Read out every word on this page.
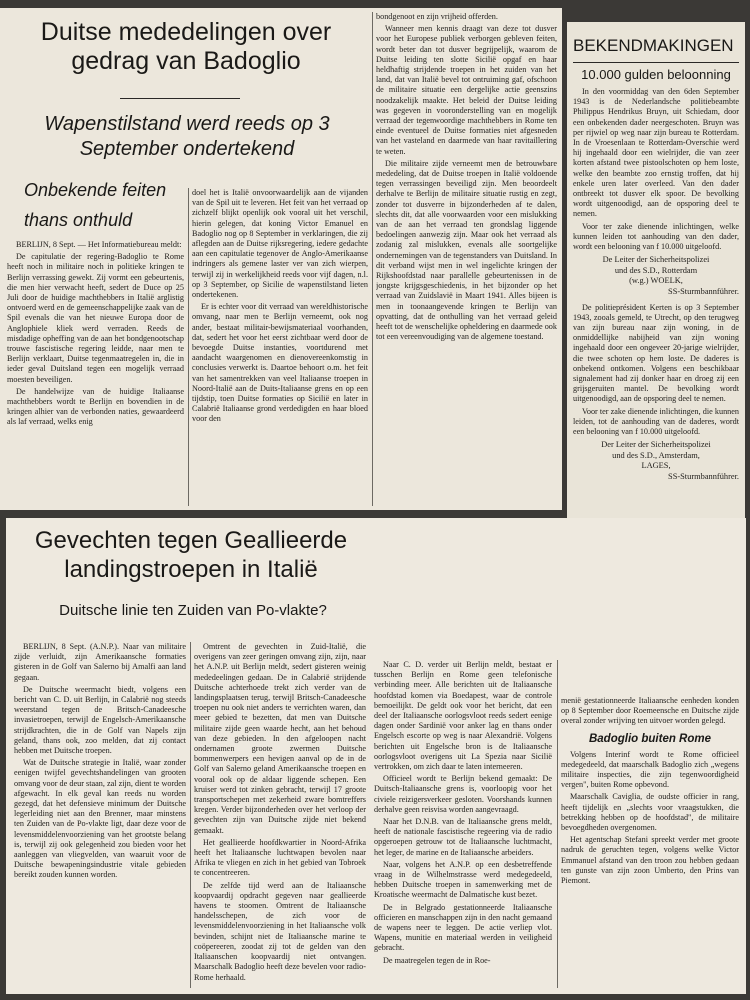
Duitse mededelingen over gedrag van Badoglio
Wapenstilstand werd reeds op 3 September ondertekend
Onbekende feiten
thans onthuld

BERLIJN, 8 Sept. — Het Informatiebureau meldt:

De capitulatie der regering-Badoglio te Rome heeft noch in militaire noch in politieke kringen te Berlijn verrassing gewekt. Zij vormt een gebeurtenis, die men hier verwacht heeft, sedert de Duce op 25 Juli door de huidige machthebbers in Italië arglistig ontvoerd werd en de gemeenschappelijke zaak van de Spil evenals die van het nieuwe Europa door de Anglophiele kliek werd verraden. Reeds de misdadige opheffing van de aan het bondgenootschap trouwe fascistische regering leidde, naar men te Berlijn verklaart, Duitse tegenmaatregelen in, die in ieder geval Duitsland tegen een mogelijk verraad moesten beveiligen.

De handelwijze van de huidige Italiaanse machthebbers wordt te Berlijn en bovendien in de kringen alhier van de verbonden naties, gewaardeerd als laf verraad, welks enig

doel het is Italië onvoorwaardelijk aan de vijanden van de Spil uit te leveren. Het feit van het verraad op zichzelf blijkt openlijk ook vooral uit het verschil, hierin gelegen, dat koning Victor Emanuel en Badoglio nog op 8 September in verklaringen, die zij aflegden aan de Duitse rijksregering, iedere gedachte aan een capitulatie tegenover de Anglo-Amerikaanse indringers als gemene laster ver van zich wierpen, terwijl zij in werkelijkheid reeds voor vijf dagen, n.l. op 3 September, op Sicilie de wapenstilstand lieten ondertekenen.

Er is echter voor dit verraad van wereldhistorische omvang, naar men te Berlijn verneemt, ook nog ander, bestaat militair-bewijsmateriaal voorhanden, dat, sedert het voor het eerst zichtbaar werd door de bevoegde Duitse instanties, voortdurend met aandacht waargenomen en dienovereenkomstig in conclusies verwerkt is. Daartoe behoort o.m. het feit van het samentrekken van veel Italiaanse troepen in Noord-Italië aan de Duits-Italiaanse grens en op een tijdstip, toen Duitse formaties op Sicilië en later in Calabrië Italiaanse grond verdedigden en haar bloed voor den

bondgenoot en zijn vrijheid offerden.

Wanneer men kennis draagt van deze tot dusver voor het Europese publiek verborgen gebleven feiten, wordt beter dan tot dusver begrijpelijk, waarom de Duitse leiding ten slotte Sicilië opgaf en haar heldhaftig strijdende troepen in het zuiden van het land, dat van Italië bevel tot ontruiming gaf, ofschoon de militaire situatie een dergelijke actie geenszins noodzakelijk maakte. Het beleid der Duitse leiding was gegeven in vooronderstelling van en mogelijk verraad der tegenwoordige machthebbers in Rome ten einde eventueel de Duitse formaties niet afgesneden van het vasteland en daarmede van haar ravitaillering te weten.

Die militaire zijde verneemt men de betrouwbare mededeling, dat de Duitse troepen in Italië voldoende tegen verrassingen beveiligd zijn. Men beoordeelt derhalve te Berlijn de militaire situatie rustig en zegt, zonder tot dusverre in bijzonderheden af te dalen, slechts dit, dat alle voorwaarden voor een mislukking van de aan het verraad ten grondslag liggende bedoelingen aanwezig zijn. Maar ook het verraad als zodanig zal mislukken, evenals alle soortgelijke ondernemingen van de tegenstanders van Duitsland. In dit verband wijst men in wel ingelichte kringen der Rijkshoofdstad naar parallelle gebeurtenissen in de jongste krijgsgeschiedenis, in het bijzonder op het verraad van Zuidslavië in Maart 1941. Alles bijeen is men in toonaangevende kringen te Berlijn van opvatting, dat de onthulling van het verraad geleid heeft tot de wenschelijke opheldering en daarmede ook tot een vereenvoudiging van de algemene toestand.

BEKENDMAKINGEN
10.000 gulden beloonning

In den voormiddag van den 6den September 1943 is de Nederlandsche politiebeambte Philippus Hendrikus Bruyn, uit Schiedam, door een onbekenden dader neergeschoten. Bruyn was per rijwiel op weg naar zijn bureau te Rotterdam. In de Vroesenlaan te Rotterdam-Overschie werd hij ingehaald door een wielrijder, die van zeer korten afstand twee pistoolschoten op hem loste, welke den beambte zoo ernstig troffen, dat hij enkele uren later overleed. Van den dader ontbreekt tot dusver elk spoor. De bevolking wordt uitgenoodigd, aan de opsporing deel te nemen.

Voor ter zake dienende inlichtingen, welke kunnen leiden tot aanhouding van den dader, wordt een belooning van f 10.000 uitgeloofd.

De Leiter der Sicherheitspolizei

und des S.D., Rotterdam

(w.g.) WOELK,

SS-Sturmbannführer.

De politieprésident Kerten is op 3 September 1943, zooals gemeld, te Utrecht, op den terugweg van zijn bureau naar zijn woning, in de onmiddellijke nabijheid van zijn woning ingehaald door een ongeveer 20-jarige wielrijder, die twee schoten op hem loste. De daderes is onbekend ontkomen. Volgens een beschikbaar signalement had zij donker haar en droeg zij een grijsgeruiten mantel. De bevolking wordt uitgenoodigd, aan de opsporing deel te nemen.

Voor ter zake dienende inlichtingen, die kunnen leiden, tot de aanhouding van de daderes, wordt een belooning van f 10.000 uitgeloofd.

Der Leiter der Sicherheitspolizei

und des S.D., Amsterdam,

LAGES,

SS-Sturmbannführer.

Gevechten tegen Geallieerde landingstroepen in Italië
Duitsche linie ten Zuiden van Po-vlakte?

BERLIJN, 8 Sept. (A.N.P.). Naar van militaire zijde verluidt, zijn Amerikaansche formaties gisteren in de Golf van Salerno bij Amalfi aan land gegaan.

De Duitsche weermacht biedt, volgens een bericht van C. D. uit Berlijn, in Calabrië nog steeds weerstand tegen de Britsch-Canadeesche invasietroepen, terwijl de Engelsch-Amerikaansche strijdkrachten, die in de Golf van Napels zijn geland, thans ook, zoo melden, dat zij contact hebben met Duitsche troepen.

Wat de Duitsche strategie in Italië, waar zonder eenigen twijfel gevechtshandelingen van grooten omvang voor de deur staan, zal zijn, dient te worden afgewacht. In elk geval kan reeds nu worden gezegd, dat het defensieve minimum der Duitsche legerleiding niet aan den Brenner, maar minstens ten Zuiden van de Po-vlakte ligt, daar deze voor de levensmiddelenvoorziening van het grootste belang is, terwijl zij ook gelegenheid zou bieden voor het aanleggen van vliegvelden, van waaruit voor de Duitsche bewapeningsindustrie vitale gebieden bereikt zouden kunnen worden.

Omtrent de gevechten in Zuid-Italië, die overigens van zeer geringen omvang zijn, zijn, naar het A.N.P. uit Berlijn meldt, sedert gisteren weinig mededeelingen gedaan. De in Calabrië strijdende Duitsche achterhoede trekt zich verder van de landingsplaatsen terug, terwijl Britsch-Canadeesche troepen nu ook niet anders te verrichten waren, dan meer gebied te bezetten, dat men van Duitsche militaire zijde geen waarde hecht, aan het behoud van deze gebieden. In den afgeloopen nacht ondernamen groote zwermen Duitsche bommenwerpers een hevigen aanval op de in de Golf van Salerno geland Amerikaansche troepen en vooral ook op de aldaar liggende schepen. Een kruiser werd tot zinken gebracht, terwijl 17 groote transportschepen met zekerheid zware bomtreffers kregen. Verder bijzonderheden over het verloop der gevechten zijn van Duitsche zijde niet bekend gemaakt.

Het geallieerde hoofdkwartier in Noord-Afrika heeft het Italiaansche luchtwapen bevolen naar Afrika te vliegen en zich in het gebied van Tobroek te concentreeren.

De zelfde tijd werd aan de Italiaansche koopvaardij opdracht gegeven naar geallieerde havens te stoomen. Omtrent de Italiaansche handelsschepen, de zich voor de levensmiddelenvoorziening in het Italiaansche volk bevinden, schijnt niet de Italiaansche marine te coöpereeren, zoodat zij tot de gelden van den Italiaanschen koopvaardij niet ontvangen. Maarschalk Badoglio heeft deze bevelen voor radio-Rome herhaald.

Naar C. D. verder uit Berlijn meldt, bestaat er tusschen Berlijn en Rome geen telefonische verbinding meer. Alle berichten uit de Italiaansche hoofdstad komen via Boedapest, waar de controle bemoeilijkt. De geldt ook voor het bericht, dat een deel der Italiaansche oorlogsvloot reeds sedert eenige dagen onder Sardinië voor anker lag en thans onder Engelsch escorte op weg is naar Alexandrië. Volgens berichten uit Engelsche bron is de Italiaansche oorlogsvloot overigens uit La Spezia naar Sicilië vertrokken, om zich daar te laten interneeren.

Officieel wordt te Berlijn bekend gemaakt: De Duitsch-Italiaansche grens is, voorloopig voor het civiele reizigersverkeer gesloten. Voorshands kunnen derhalve geen reisvisa worden aangevraagd.

Naar het D.N.B. van de Italiaansche grens meldt, heeft de nationale fascistische regeering via de radio opgeroepen getrouw tot de Italiaansche luchtmacht, het leger, de marine en de Italiaansche arbeiders.

Naar, volgens het A.N.P. op een desbetreffende vraag in de Wilhelmstrasse werd medegedeeld, hebben Duitsche troepen in samenwerking met de Kroatische weermacht de Dalmatische kust bezet.

De in Belgrado gestationneerde Italiaansche officieren en manschappen zijn in den nacht gemaand de wapens neer te leggen. De actie verliep vlot. Wapens, munitie en materiaal werden in veiligheid gebracht.

De maatregelen tegen de in Roe-

menië gestationneerde Italiaansche eenheden konden op 8 September door Roemeensche en Duitsche zijde overal zonder wrijving ten uitvoer worden gelegd.

Badoglio buiten Rome

Volgens Interinf wordt te Rome officieel medegedeeld, dat maarschalk Badoglio zich „wegens militaire inspecties, die zijn tegenwoordigheid vergen", buiten Rome opbevond.

Maarschalk Caviglia, de oudste officier in rang, heeft tijdelijk en „slechts voor vraagstukken, die betrekking hebben op de hoofdstad", de militaire bevoegdheden overgenomen.

Het agentschap Stefani spreekt verder met groote nadruk de geruchten tegen, volgens welke Victor Emmanuel afstand van den troon zou hebben gedaan ten gunste van zijn zoon Umberto, den Prins van Piemont.
